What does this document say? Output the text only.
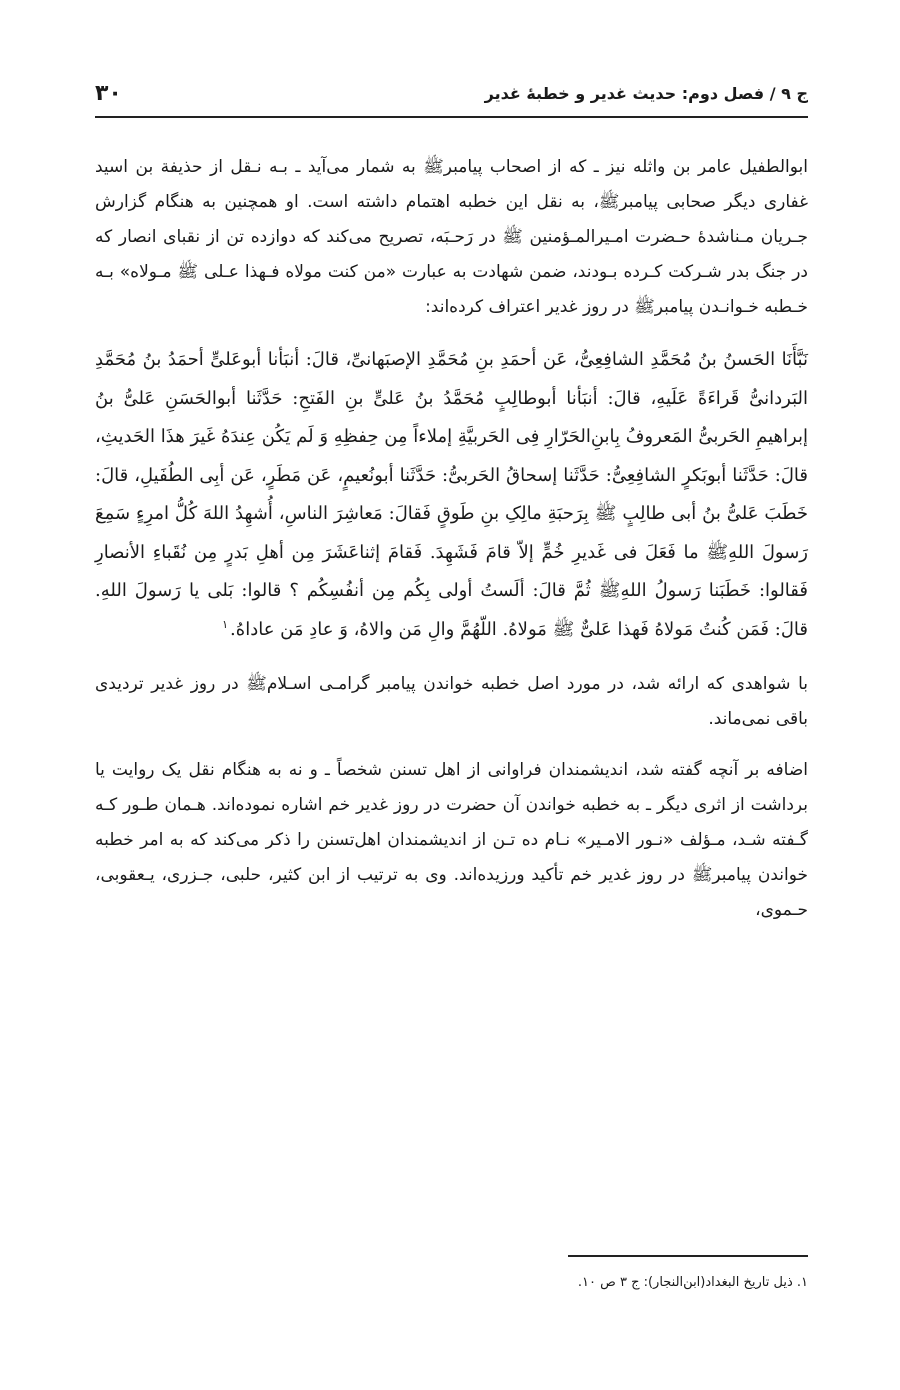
ج ۹ / فصل دوم: حدیث غدیر و خطبهٔ غدیر
۳۰

ابوالطفیل عامر بن واثله نیز ـ که از اصحاب پیامبرﷺ به شمار می‌آید ـ بـه نـقل از حذیفة بن اسید غفاری دیگر صحابی پیامبرﷺ، به نقل این خطبه اهتمام داشته است. او همچنین به هنگام گزارش جـریان مـناشدهٔ حـضرت امـیرالمـؤمنین ﷺ در رَحـبَه، تصریح می‌کند که دوازده تن از نقبای انصار که در جنگ بدر شـرکت کـرده بـودند، ضمن شهادت به عبارت «من کنت مولاه فـهذا عـلی ﷺ مـولاه» بـه خـطبه خـوانـدن پیامبرﷺ در روز غدیر اعتراف کرده‌اند:

نَبَّأَنَا الحَسنُ بنُ مُحَمَّدِ الشافِعِیُّ، عَن أحمَدِ بنِ مُحَمَّدِ الإصبَهانیِّ، قالَ: أنبَأنا أبوعَلیٍّ أحمَدُ بنُ مُحَمَّدِ البَردانیُّ قَراءَةً عَلَیهِ، قالَ: أنبَأنا أبوطالِبٍ مُحَمَّدُ بنُ عَلیٍّ بنِ الفَتحِ: حَدَّثَنا أبوالحَسَنِ عَلیُّ بنُ إبراهیمِ الحَربیُّ المَعروفُ بِابنِ‌الحَرّارِ فِی الحَربیَّةِ إملاءاً مِن حِفظِهِ وَ لَم یَکُن عِندَهُ غَیرَ هذَا الحَدیثِ، قالَ: حَدَّثَنا أبوبَکرٍ الشافِعِیُّ: حَدَّثَنا إسحاقُ الحَربیُّ: حَدَّثَنا أبونُعیمٍ، عَن مَطَرٍ، عَن أبِی الطُفَیلِ، قالَ: خَطَبَ عَلیُّ بنُ أبی طالِبٍ ﷺ بِرَحبَةِ مالِکِ بنِ طَوقٍ فَقالَ: مَعاشِرَ الناسِ، أُشهِدُ اللهَ کُلُّ امرِءٍ سَمِعَ رَسولَ اللهِﷺ ما فَعَلَ فی غَدیرِ خُمٍّ إلاّ قامَ فَشَهِدَ. فَقامَ إثناعَشَرَ مِن أهلِ بَدرٍ مِن نُقَباءِ الأنصارِ فَقالوا: خَطَبَنا رَسولُ اللهِﷺ ثُمَّ قالَ: ألَستُ أولی بِکُم مِن أنفُسِکُم ؟ قالوا: بَلی یا رَسولَ اللهِ. قالَ: فَمَن کُنتُ مَولاهُ فَهذا عَلیٌّ ﷺ مَولاهُ. اللّهُمَّ والِ مَن والاهُ، وَ عادِ مَن عاداهُ.$^۱$

با شواهدی که ارائه شد، در مورد اصل خطبه خواندن پیامبر گرامـی اسـلامﷺ در روز غدیر تردیدی باقی نمی‌ماند.

اضافه بر آنچه گفته شد، اندیشمندان فراوانی از اهل تسنن شخصاً ـ و نه به هنگام نقل یک روایت یا برداشت از اثری دیگر ـ به خطبه خواندن آن حضرت در روز غدیر خم اشاره نموده‌اند. هـمان طـور کـه گـفته شـد، مـؤلف «نـور الامـیر» نـام ده تـن از اندیشمندان اهل‌تسنن را ذکر می‌کند که به امر خطبه خواندن پیامبرﷺ در روز غدیر خم تأکید ورزیده‌اند. وی به ترتیب از ابن کثیر، حلبی، جـزری، یـعقوبی، حـموی،

۱. ذیل تاریخ البغداد(ابن‌النجار): ج ۳ ص ۱۰.
